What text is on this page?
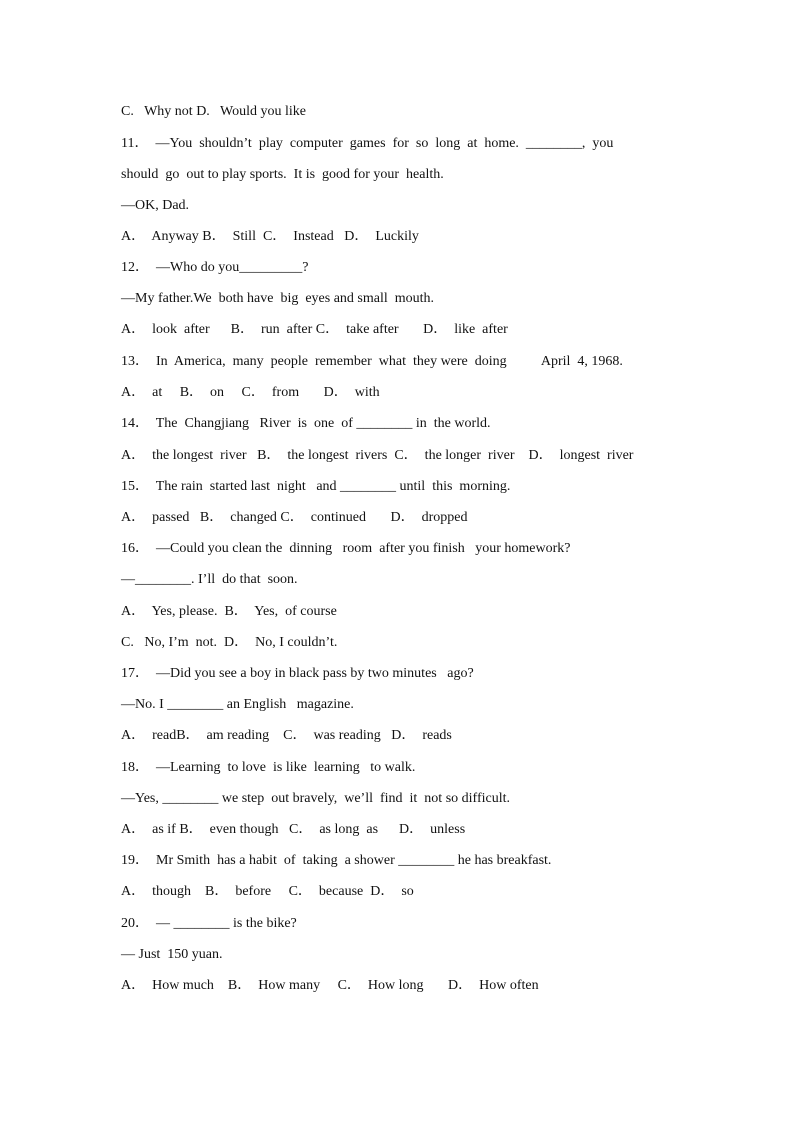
C.   Why not D.   Would you like
11．  —You  shouldn’t  play  computer  games  for  so  long  at  home.  ________,  you
should  go  out to play sports.  It is  good for your  health.
—OK, Dad.
A．  Anyway B．  Still  C．  Instead   D．  Luckily
12．  —Who do you_________?
—My father.We  both have  big  eyes and small  mouth.
A．  look  after      B．  run  after C．  take after       D．  like  after
13．  In  America,  many  people  remember  what  they were  doing          April  4, 1968.
A．  at     B．  on     C．  from       D．  with
14．  The  Changjiang   River  is  one  of ________ in  the world.
A．  the longest  river   B．  the longest  rivers  C．  the longer  river    D．  longest  river
15．  The rain  started last  night   and ________ until  this  morning.
A．  passed   B．  changed C．  continued       D．  dropped
16．  —Could you clean the  dinning   room  after you finish   your homework?
—________. I’ll  do that  soon.
A．  Yes, please.  B．  Yes,  of course
C.   No, I’m  not.  D．  No, I couldn’t.
17．  —Did you see a boy in black pass by two minutes   ago?
—No. I ________ an English   magazine.
A．  readB．  am reading    C．  was reading   D．  reads
18．  —Learning  to love  is like  learning   to walk.
—Yes, ________ we step  out bravely,  we’ll  find  it  not so difficult.
A．  as if B．  even though   C．  as long  as      D．  unless
19．  Mr Smith  has a habit  of  taking  a shower ________ he has breakfast.
A．  though    B．  before     C．  because  D．  so
20．  — ________ is the bike?
— Just  150 yuan.
A．  How much    B．  How many     C．  How long       D．  How often
